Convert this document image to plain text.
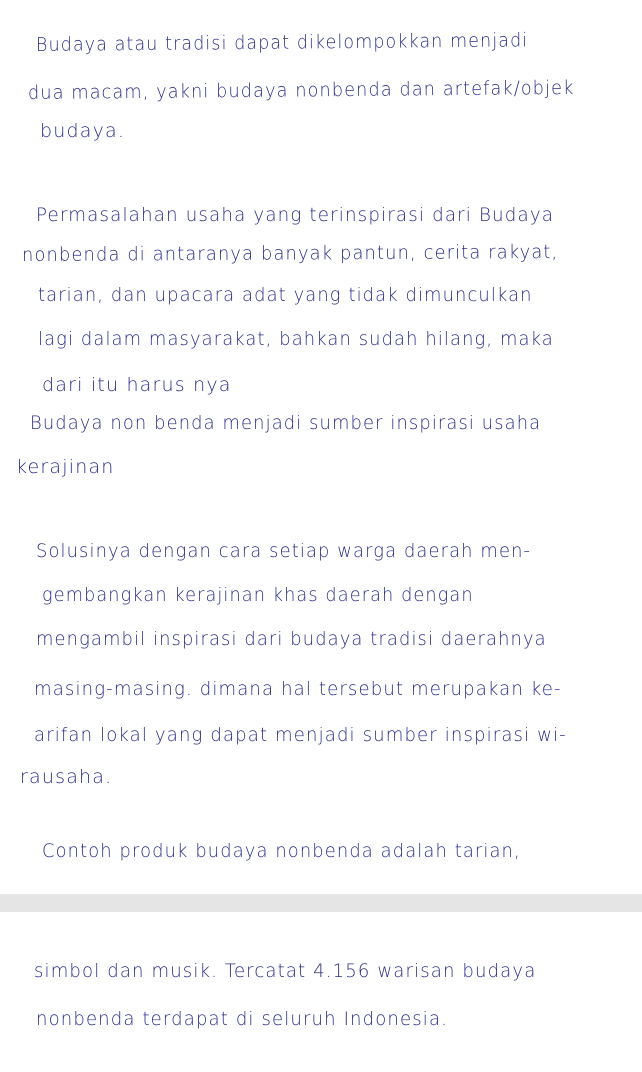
Budaya atau tradisi dapat dikelompokkan menjadi
dua macam, yakni budaya nonbenda dan artefak/objek
budaya.
Permasalahan usaha yang terinspirasi dari Budaya
nonbenda di antaranya banyak pantun, cerita rakyat,
tarian, dan upacara adat yang tidak dimunculkan
lagi dalam masyarakat, bahkan sudah hilang, maka
dari itu harus nya
Budaya non benda menjadi sumber inspirasi usaha
kerajinan
Solusinya dengan cara setiap warga daerah men-
gembangkan kerajinan khas daerah dengan
mengambil inspirasi dari budaya tradisi daerahnya
masing-masing. dimana hal tersebut merupakan ke-
arifan lokal yang dapat menjadi sumber inspirasi wi-
rausaha.
Contoh produk budaya nonbenda adalah tarian,
simbol dan musik. Tercatat 4.156 warisan budaya
nonbenda terdapat di seluruh Indonesia.
